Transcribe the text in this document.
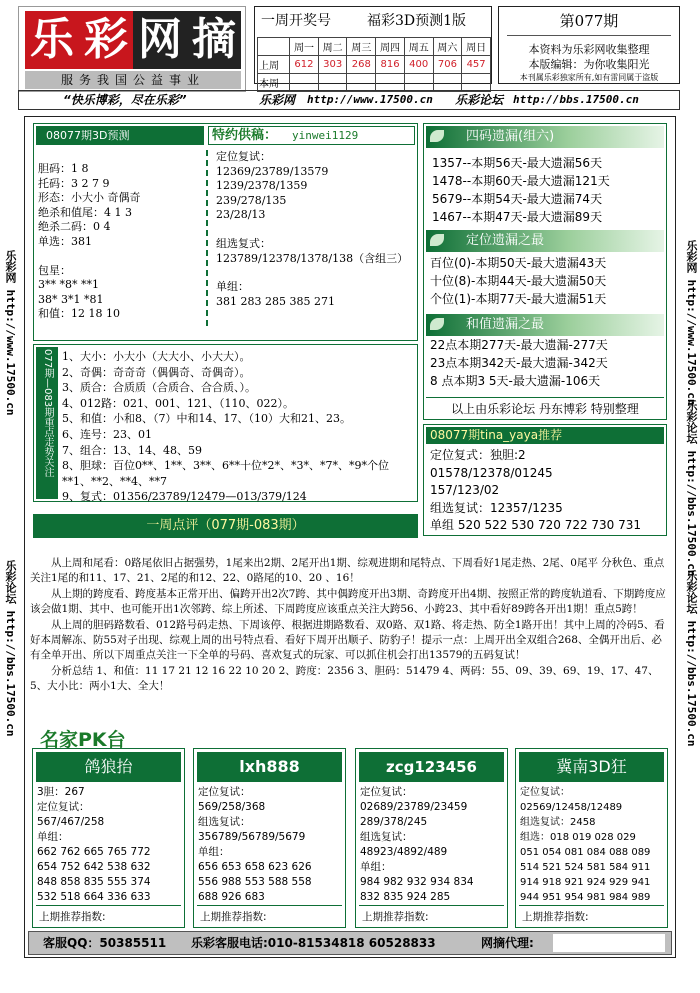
乐 彩 网 摘
服务我国公益事业
一周开奖号	福彩3D预测1版
	周一	周二	周三	周四	周五	周六	周日
上周	612	303	268	816	400	706	457
本周							
第077期
本资料为乐彩网收集整理
本版编辑：为你收集阳光
本刊属乐彩独家所有,如有雷同属于盗版
“快乐博彩，尽在乐彩”	乐彩网 http://www.17500.cn 乐彩论坛 http://bbs.17500.cn
乐彩网 http://www.17500.cn
乐彩论坛 http://bbs.17500.cn
乐彩网 http://www.17500.cn
乐彩论坛 http://bbs.17500.cn
乐彩论坛 http://bbs.17500.cn
08077期3D预测	特约供稿： yinwei1129
胆码：1 8
托码：3 2 7 9
形态：小大小 奇偶奇
绝杀和值尾：4 1 3
绝杀二码：0 4
单选：381
包星：
3** *8* **1
38* 3*1 *81
和值：12 18 10
定位复试：
12369/23789/13579
1239/2378/1359
239/278/135
23/28/13
组选复式：
123789/12378/1378/138（含组三）
单组：
381 283 285 385 271
077期—083期重点走势关注 1、大小：小大小（大大小、小大大）。
2、奇偶：奇奇奇（偶偶奇、奇偶奇）。
3、质合：合质质（合质合、合合质、）。
4、012路：021、001、121、（110、022）。
5、和值：小和8、（7）中和14、17、（10）大和21、23。
6、连号：23、01
7、组合：13、14、48、59
8、胆球：百位0**、1**、3**、6**十位*2*、*3*、*7*、*9*个位**1、**2、**4、**7
9、复式：01356/23789/12479—013/379/124
四码遗漏(组六)
1357--本期56天-最大遗漏56天
1478--本期60天-最大遗漏121天
5679--本期54天-最大遗漏74天
1467--本期47天-最大遗漏89天
定位遗漏之最
百位(0)-本期50天-最大遗漏43天
十位(8)-本期44天-最大遗漏50天
个位(1)-本期77天-最大遗漏51天
和值遗漏之最
22点本期277天-最大遗漏-277天
23点本期342天-最大遗漏-342天
8 点本期3 5天-最大遗漏-106天
以上由乐彩论坛 丹东博彩 特别整理
08077期tina_yaya推荐
定位复式：独胆:2
01578/12378/01245
157/123/02
组选复试：12357/1235
单组 520 522 530 720 722 730 731
一周点评（077期-083期）

从上周和尾看：0路尾依旧占据强势，1尾来出2期、2尾开出1期、综观进期和尾特点、下周看好1尾走热、2尾、0尾平 分秋色、重点关注1尾的和11、17、21、2尾的和12、22、0路尾的10、20 、16！

从上期的跨度看、跨度基本正常开出、偏跨开出2次7跨、其中偶跨度开出3期、奇跨度开出4期、按照正常的跨度轨道看、下期跨度应该会做1期、其中、也可能开出1次邻跨、综上所述、下周跨度应该重点关注大跨56、小跨23、其中看好89跨各开出1期！重点5跨！

从上周的胆码路数看、012路号码走热、下周该停、根据进期路数看、双0路、双1路、将走热、防全1路开出！其中上周的冷码5、看好本周解冻、防55对子出现、综观上周的出号特点看、看好下周开出顺子、防豹子！提示一点：上周开出全双组合268、全偶开出后、必有全单开出、所以下周重点关注一下全单的号码、喜欢复式的玩家、可以抓住机会打出13579的五码复试！

分析总结 1、和值：11 17 21 12 16 22 10 20 2、跨度：2356 3、胆码：51479 4、两码：55、09、39、69、19、17、47、5、大小比：两小1大、全大！

名家PK台
鸽狼抬
3胆：267
定位复试：
567/467/258
单组：
662 762 665 765 772
654 752 642 538 632
848 858 835 555 374
532 518 664 336 633
上期推荐指数:
lxh888
定位复试：
569/258/368
组选复试：
356789/56789/5679
单组：
656 653 658 623 626
556 988 553 588 558
688 926 683
上期推荐指数:
zcg123456
定位复试：
02689/23789/23459
289/378/245
组选复试：
48923/4892/489
单组：
984 982 932 934 834
832 835 924 285
上期推荐指数:
冀南3D狂
定位复试：
02569/12458/12489
组选复试：2458
组选：018 019 028 029
051 054 081 084 088 089
514 521 524 581 584 911
914 918 921 924 929 941
944 951 954 981 984 989
上期推荐指数:
客服QQ：50385511 乐彩客服电话:010-81534818 60528833	网摘代理:
